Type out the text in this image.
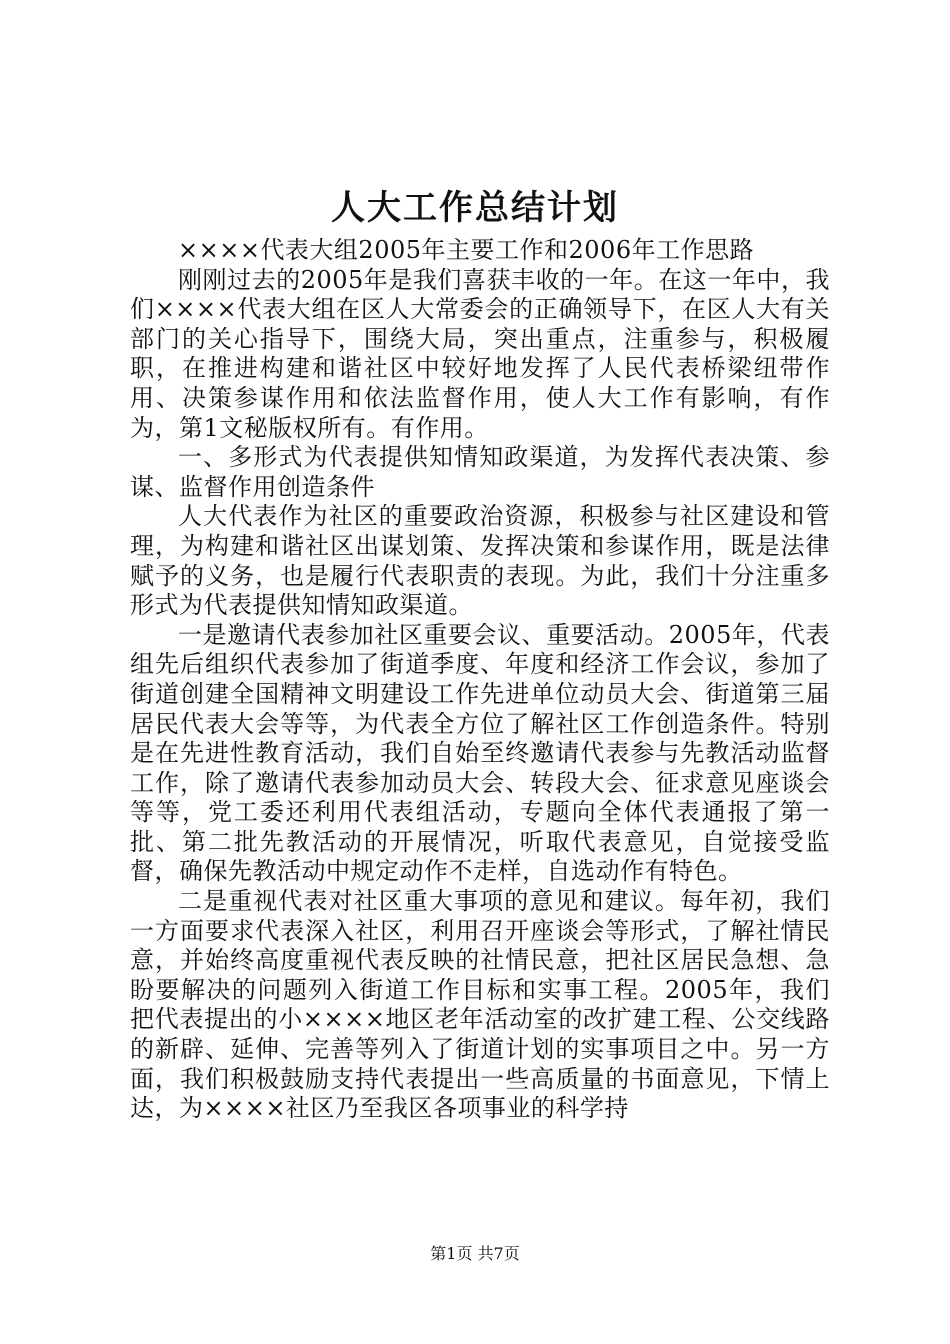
人大工作总结计划

××××代表大组2005年主要工作和2006年工作思路

刚刚过去的2005年是我们喜获丰收的一年。在这一年中，我们××××代表大组在区人大常委会的正确领导下，在区人大有关部门的关心指导下，围绕大局，突出重点，注重参与，积极履职，在推进构建和谐社区中较好地发挥了人民代表桥梁纽带作用、决策参谋作用和依法监督作用，使人大工作有影响，有作为，第1文秘版权所有。有作用。

一、多形式为代表提供知情知政渠道，为发挥代表决策、参谋、监督作用创造条件

人大代表作为社区的重要政治资源，积极参与社区建设和管理，为构建和谐社区出谋划策、发挥决策和参谋作用，既是法律赋予的义务，也是履行代表职责的表现。为此，我们十分注重多形式为代表提供知情知政渠道。

一是邀请代表参加社区重要会议、重要活动。2005年，代表组先后组织代表参加了街道季度、年度和经济工作会议，参加了街道创建全国精神文明建设工作先进单位动员大会、街道第三届居民代表大会等等，为代表全方位了解社区工作创造条件。特别是在先进性教育活动，我们自始至终邀请代表参与先教活动监督工作，除了邀请代表参加动员大会、转段大会、征求意见座谈会等等，党工委还利用代表组活动，专题向全体代表通报了第一批、第二批先教活动的开展情况，听取代表意见，自觉接受监督，确保先教活动中规定动作不走样，自选动作有特色。

二是重视代表对社区重大事项的意见和建议。每年初，我们一方面要求代表深入社区，利用召开座谈会等形式，了解社情民意，并始终高度重视代表反映的社情民意，把社区居民急想、急盼要解决的问题列入街道工作目标和实事工程。2005年，我们把代表提出的小××××地区老年活动室的改扩建工程、公交线路的新辟、延伸、完善等列入了街道计划的实事项目之中。另一方面，我们积极鼓励支持代表提出一些高质量的书面意见，下情上达，为××××社区乃至我区各项事业的科学持

第1页 共7页
